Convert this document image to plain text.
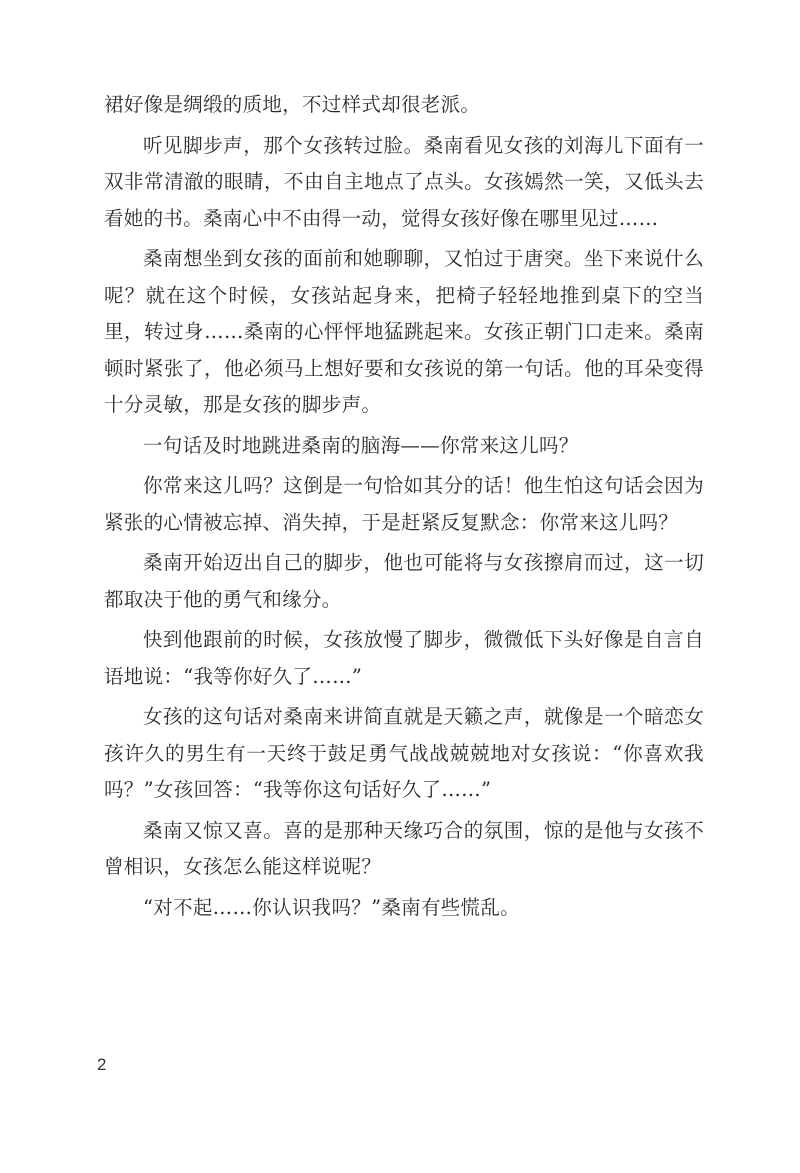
裙好像是绸缎的质地，不过样式却很老派。

听见脚步声，那个女孩转过脸。桑南看见女孩的刘海儿下面有一双非常清澈的眼睛，不由自主地点了点头。女孩嫣然一笑，又低头去看她的书。桑南心中不由得一动，觉得女孩好像在哪里见过……

桑南想坐到女孩的面前和她聊聊，又怕过于唐突。坐下来说什么呢？就在这个时候，女孩站起身来，把椅子轻轻地推到桌下的空当里，转过身……桑南的心怦怦地猛跳起来。女孩正朝门口走来。桑南顿时紧张了，他必须马上想好要和女孩说的第一句话。他的耳朵变得十分灵敏，那是女孩的脚步声。

一句话及时地跳进桑南的脑海——你常来这儿吗？

你常来这儿吗？这倒是一句恰如其分的话！他生怕这句话会因为紧张的心情被忘掉、消失掉，于是赶紧反复默念：你常来这儿吗？

桑南开始迈出自己的脚步，他也可能将与女孩擦肩而过，这一切都取决于他的勇气和缘分。

快到他跟前的时候，女孩放慢了脚步，微微低下头好像是自言自语地说：“我等你好久了……”

女孩的这句话对桑南来讲简直就是天籁之声，就像是一个暗恋女孩许久的男生有一天终于鼓足勇气战战兢兢地对女孩说：“你喜欢我吗？”女孩回答：“我等你这句话好久了……”

桑南又惊又喜。喜的是那种天缘巧合的氛围，惊的是他与女孩不曾相识，女孩怎么能这样说呢？

“对不起……你认识我吗？”桑南有些慌乱。

2
